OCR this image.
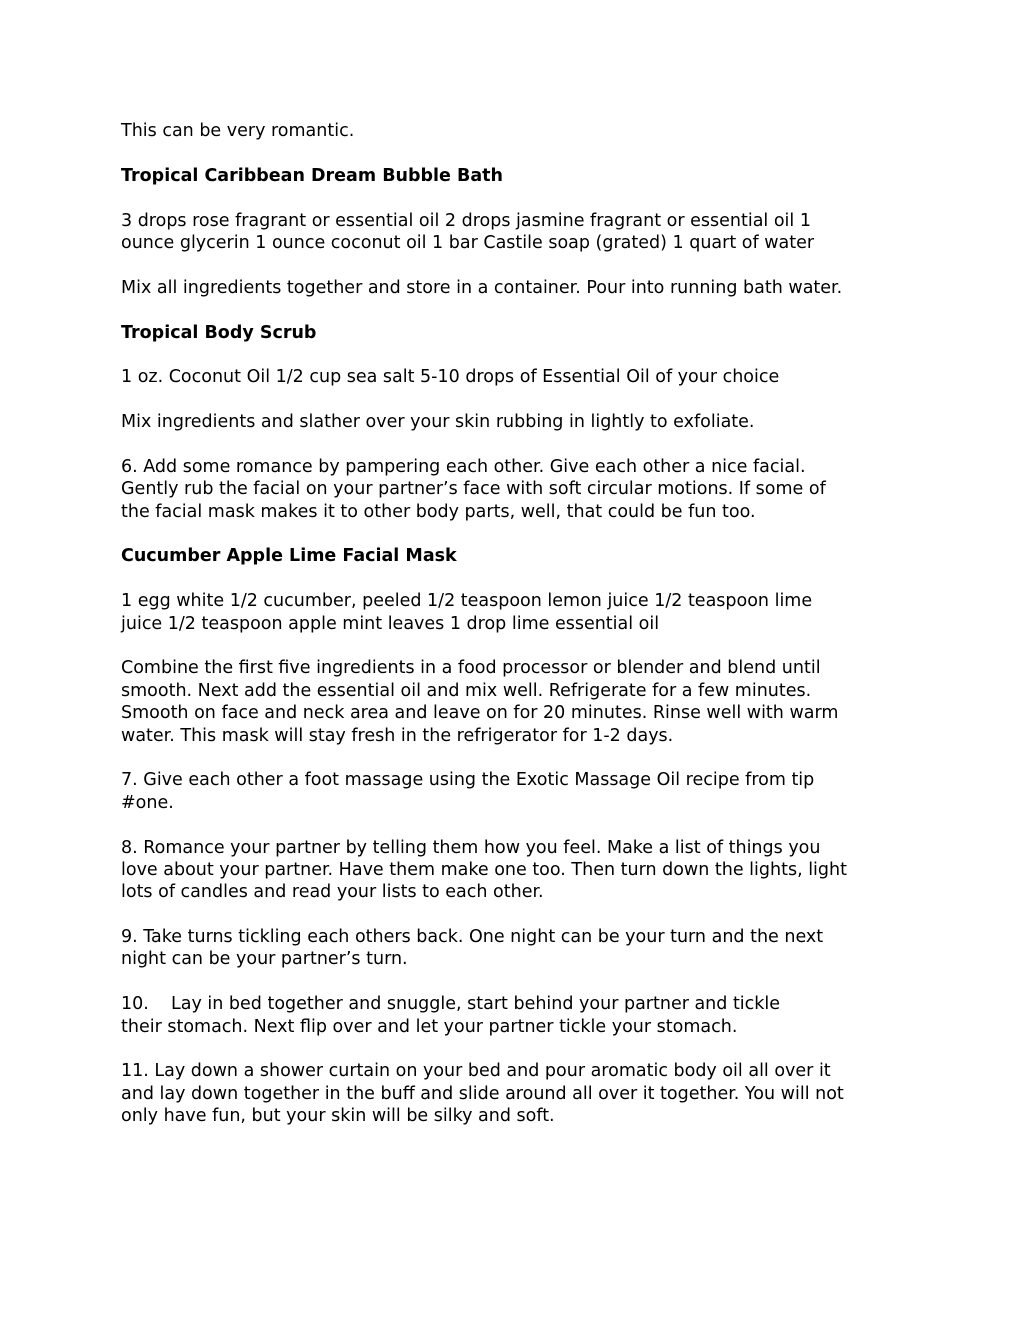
This can be very romantic.

Tropical Caribbean Dream Bubble Bath

3 drops rose fragrant or essential oil 2 drops jasmine fragrant or essential oil 1

ounce glycerin 1 ounce coconut oil 1 bar Castile soap (grated) 1 quart of water

Mix all ingredients together and store in a container. Pour into running bath water.

Tropical Body Scrub

1 oz. Coconut Oil 1/2 cup sea salt 5-10 drops of Essential Oil of your choice

Mix ingredients and slather over your skin rubbing in lightly to exfoliate.

6. Add some romance by pampering each other. Give each other a nice facial.

Gently rub the facial on your partner’s face with soft circular motions. If some of

the facial mask makes it to other body parts, well, that could be fun too.

Cucumber Apple Lime Facial Mask

1 egg white 1/2 cucumber, peeled 1/2 teaspoon lemon juice 1/2 teaspoon lime

juice 1/2 teaspoon apple mint leaves 1 drop lime essential oil

Combine the first five ingredients in a food processor or blender and blend until

smooth. Next add the essential oil and mix well. Refrigerate for a few minutes.

Smooth on face and neck area and leave on for 20 minutes. Rinse well with warm

water. This mask will stay fresh in the refrigerator for 1-2 days.

7. Give each other a foot massage using the Exotic Massage Oil recipe from tip

#one.

8. Romance your partner by telling them how you feel. Make a list of things you

love about your partner. Have them make one too. Then turn down the lights, light

lots of candles and read your lists to each other.

9. Take turns tickling each others back. One night can be your turn and the next

night can be your partner’s turn.

10. Lay in bed together and snuggle, start behind your partner and tickle

their stomach. Next flip over and let your partner tickle your stomach.

11. Lay down a shower curtain on your bed and pour aromatic body oil all over it

and lay down together in the buff and slide around all over it together. You will not

only have fun, but your skin will be silky and soft.
